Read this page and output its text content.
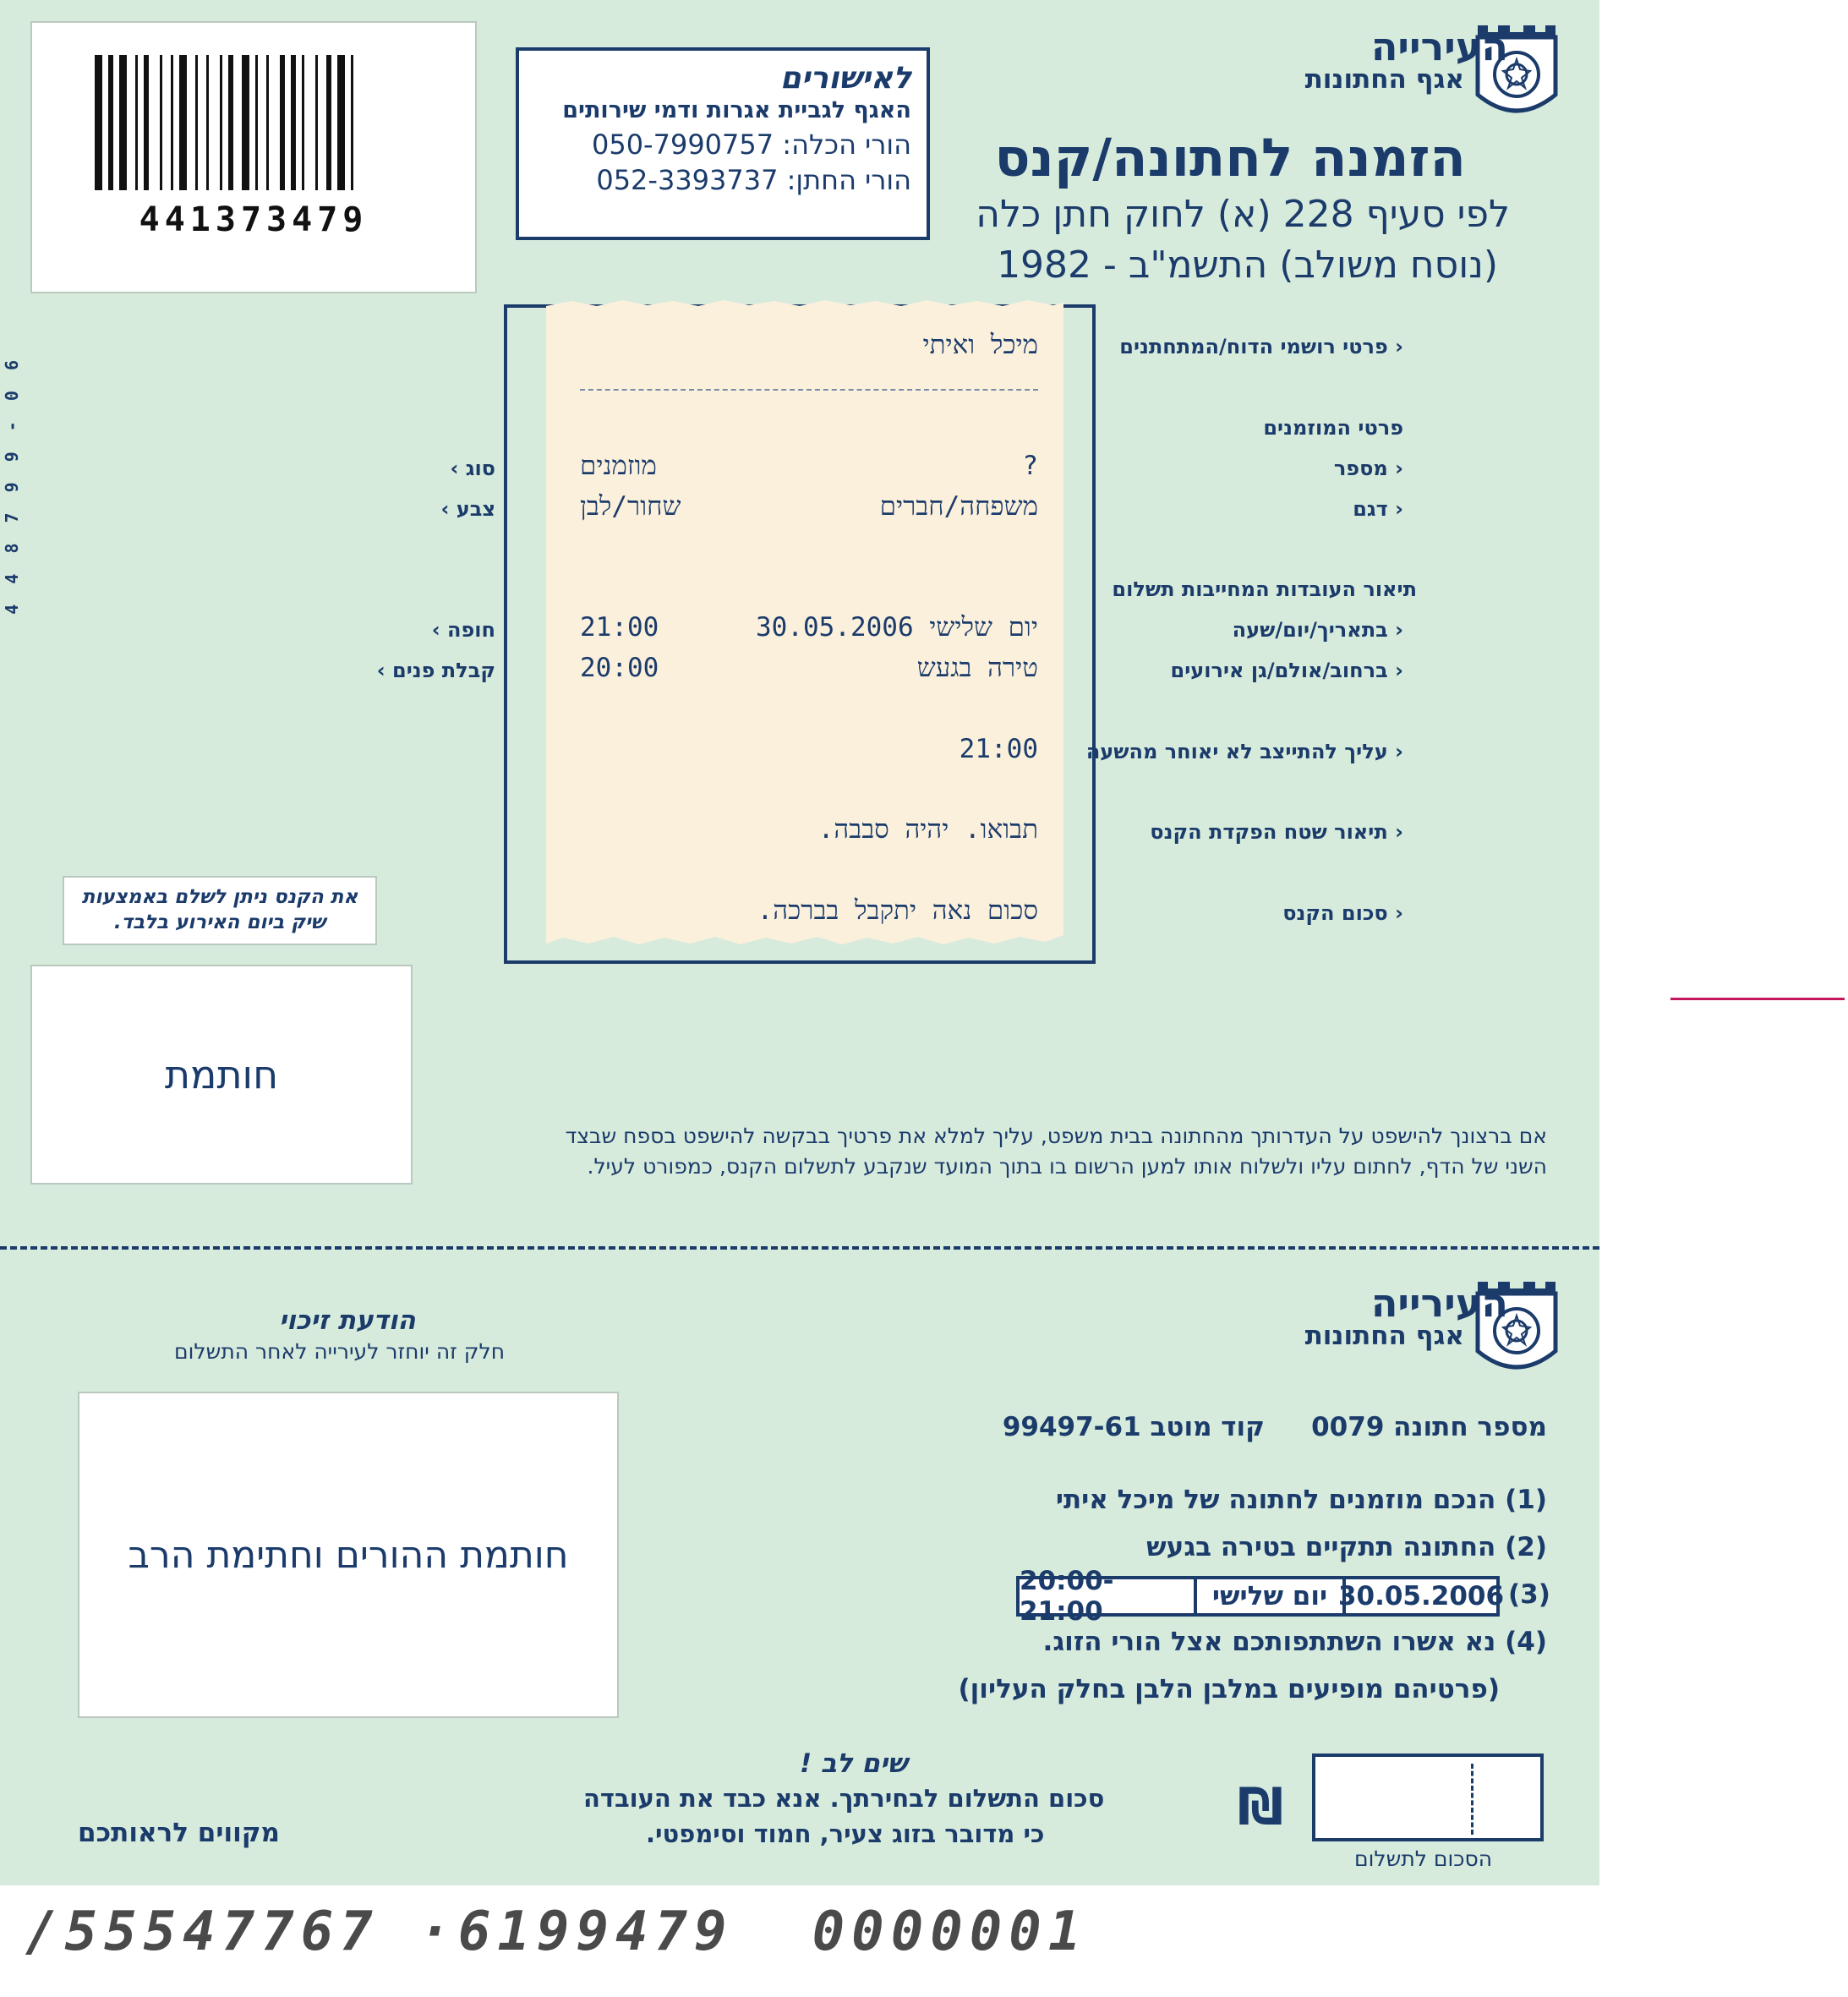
441373479
לאישורים
האגף לגביית אגרות ודמי שירותים
הורי הכלה: 050-7990757
הורי החתן: 052-3393737
העירייה
אגף החתונות
הזמנה לחתונה/קנס
לפי סעיף 228 (א) לחוק חתן כלה
(נוסח משולב) התשמ"ב - 1982
4 4 8 7 9 9 - 0 6
מיכל ואיתי
?
מוזמנים
משפחה/חברים
שחור/לבן
יום שלישי 30.05.2006
21:00
טירה בגעש
20:00
21:00
תבואו. יהיה סבבה.
סכום נאה יתקבל בברכה.
‹ פרטי רושמי הדוח/המתחתנים
פרטי המוזמנים
‹ מספר
‹ דגם
תיאור העובדות המחייבות תשלום
‹ בתאריך/יום/שעה
‹ ברחוב/אולם/גן אירועים
‹ עליך להתייצב לא יאוחר מהשעה
‹ תיאור שטח הפקדת הקנס
‹ סכום הקנס
סוג ›
צבע ›
חופה ›
קבלת פנים ›
את הקנס ניתן לשלם באמצעות שיק ביום האירוע בלבד.
חותמת
אם ברצונך להישפט על העדרותך מהחתונה בבית משפט, עליך למלא את פרטיך בבקשה להישפט בספח שבצד השני של הדף, לחתום עליו ולשלוח אותו למען הרשום בו בתוך המועד שנקבע לתשלום הקנס, כמפורט לעיל.
העירייה
אגף החתונות
הודעת זיכוי
חלק זה יוחזר לעירייה לאחר התשלום
חותמת ההורים וחתימת הרב
מספר חתונה 0079
קוד מוטב 99497-61
(1) הנכם מוזמנים לחתונה של מיכל איתי
(2) החתונה תתקיים בטירה בגעש
20:00-21:00	יום שלישי 30.05.2006 (3)
(4) נא אשרו השתתפותכם אצל הורי הזוג.
(פרטיהם מופיעים במלבן הלבן בחלק העליון)
שים לב !
סכום התשלום לבחירתך. אנא כבד את העובדה
כי מדובר בזוג צעיר, חמוד וסימפטי.
מקווים לראותכם	₪
הסכום לתשלום
/55547767 ·6199479  0000001
